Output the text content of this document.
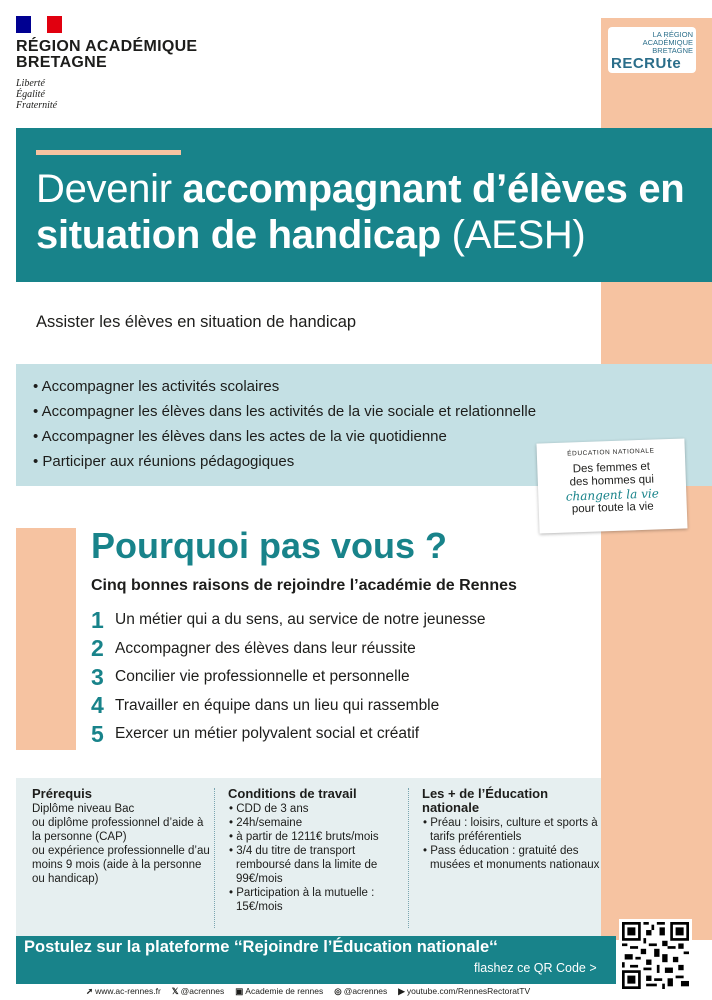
RÉGION ACADÉMIQUE
BRETAGNE
Liberté
Égalité
Fraternité
LA RÉGION ACADÉMIQUE
BRETAGNE
RECRUte
Devenir accompagnant d’élèves en situation de handicap (AESH)
Assister les élèves en situation de handicap
• Accompagner les activités scolaires
• Accompagner les élèves dans les activités de la vie sociale et relationnelle
• Accompagner les élèves dans les actes de la vie quotidienne
• Participer aux réunions pédagogiques
ÉDUCATION NATIONALE
Des femmes et
des hommes qui
changent la vie
pour toute la vie
Pourquoi pas vous ?
Cinq bonnes raisons de rejoindre l’académie de Rennes
1 Un métier qui a du sens, au service de notre jeunesse
2 Accompagner des élèves dans leur réussite
3 Concilier vie professionnelle et personnelle
4 Travailler en équipe dans un lieu qui rassemble
5 Exercer un métier polyvalent social et créatif
Prérequis

Diplôme niveau Bac

ou diplôme professionnel d’aide à la personne (CAP)

ou expérience professionnelle d’au moins 9 mois (aide à la personne ou handicap)

Conditions de travail
• CDD de 3 ans
• 24h/semaine
• à partir de 1211€ bruts/mois
• 3/4 du titre de transport remboursé dans la limite de 99€/mois
• Participation à la mutuelle : 15€/mois
Les + de l’Éducation nationale
• Préau : loisirs, culture et sports à tarifs préférentiels
• Pass éducation : gratuité des musées et monuments nationaux
Postulez sur la plateforme ‘‘Rejoindre l’Éducation nationale‘‘
flashez ce QR Code >
➚ www.ac-rennes.fr 𝕏 @acrennes ▣ Academie de rennes ◎ @acrennes ▶ youtube.com/RennesRectoratTV
